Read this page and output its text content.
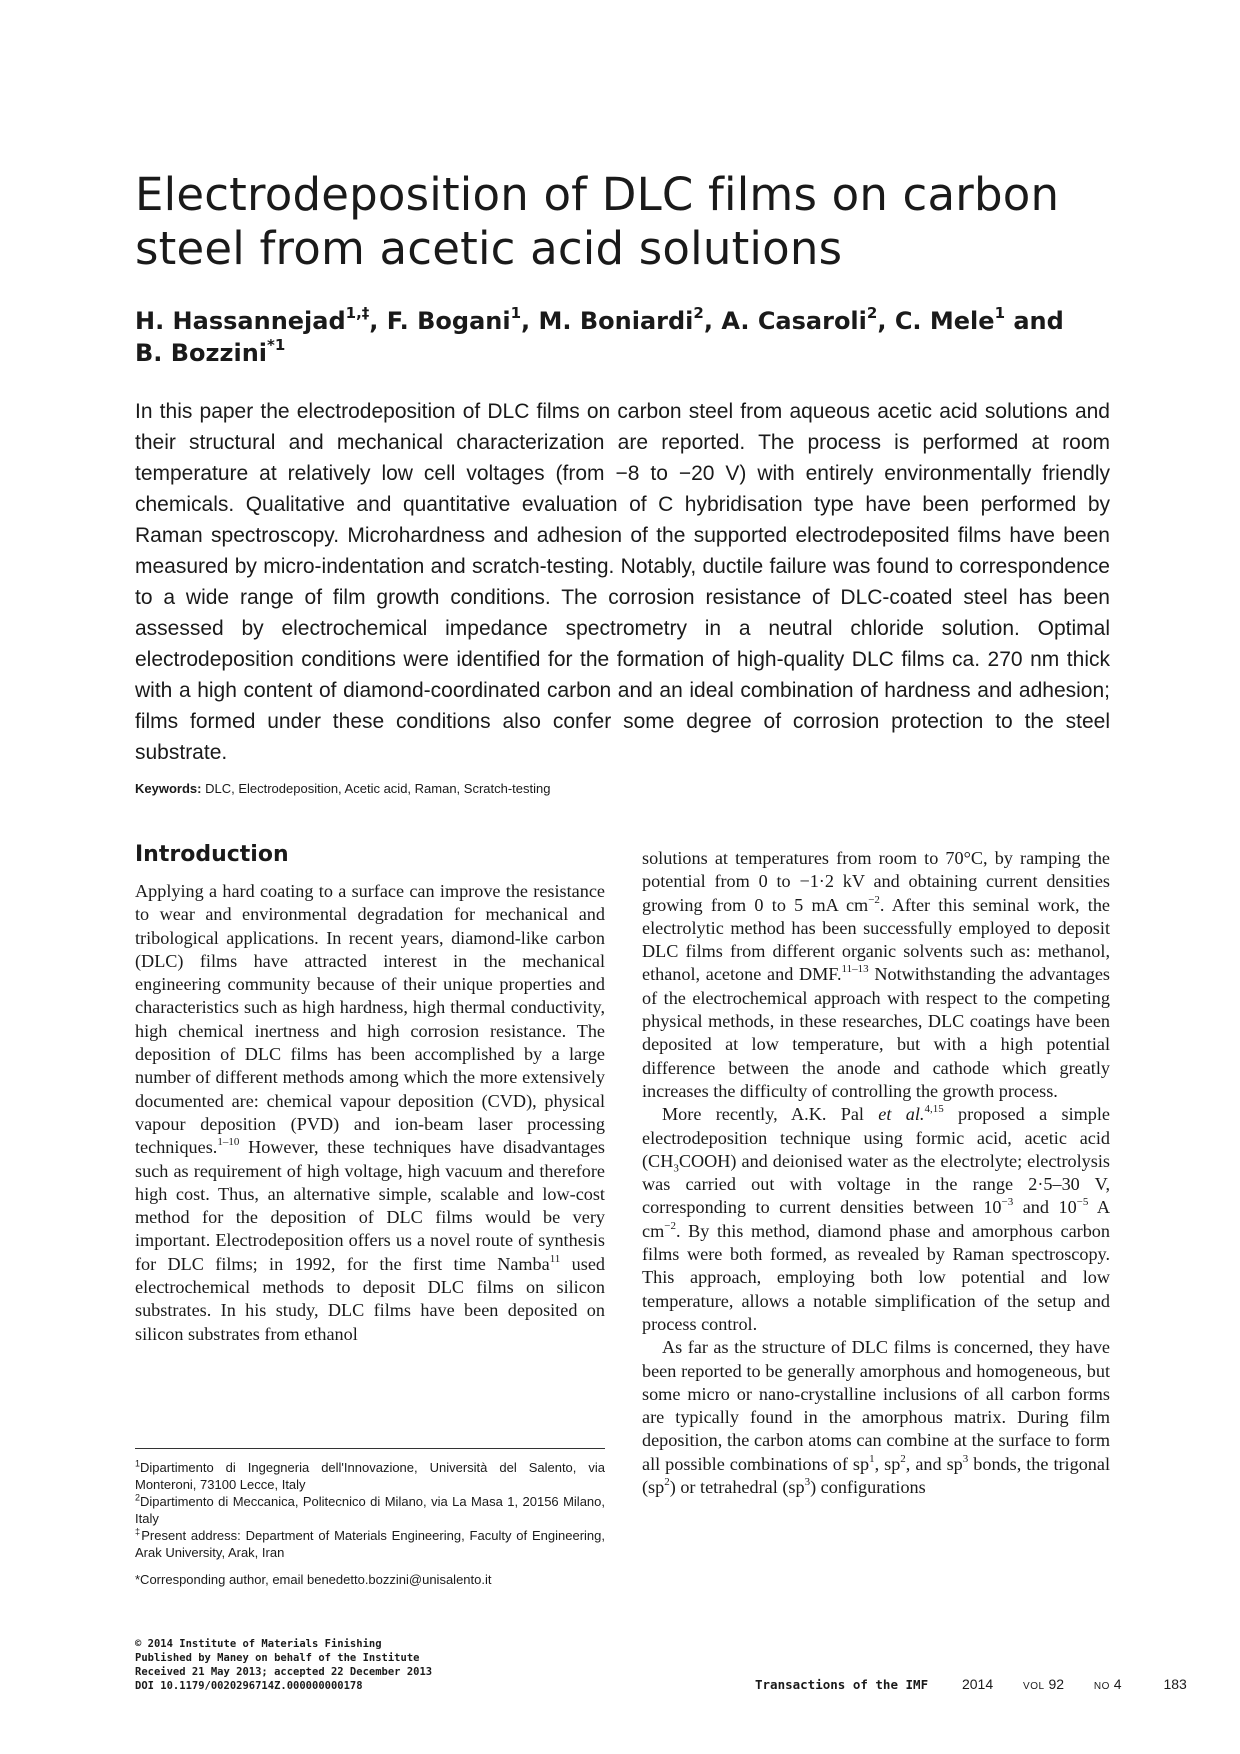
Electrodeposition of DLC films on carbon steel from acetic acid solutions
H. Hassannejad$^{1,\ddagger}$, F. Bogani$^1$, M. Boniardi$^2$, A. Casaroli$^2$, C. Mele$^1$ and
B. Bozzini$^{*1}$

In this paper the electrodeposition of DLC films on carbon steel from aqueous acetic acid solutions and their structural and mechanical characterization are reported. The process is performed at room temperature at relatively low cell voltages (from −8 to −20 V) with entirely environmentally friendly chemicals. Qualitative and quantitative evaluation of C hybridisation type have been performed by Raman spectroscopy. Microhardness and adhesion of the supported electrodeposited films have been measured by micro-indentation and scratch-testing. Notably, ductile failure was found to correspondence to a wide range of film growth conditions. The corrosion resistance of DLC-coated steel has been assessed by electrochemical impedance spectrometry in a neutral chloride solution. Optimal electrodeposition conditions were identified for the formation of high-quality DLC films ca. 270 nm thick with a high content of diamond-coordinated carbon and an ideal combination of hardness and adhesion; films formed under these conditions also confer some degree of corrosion protection to the steel substrate.

Keywords: DLC, Electrodeposition, Acetic acid, Raman, Scratch-testing
Introduction

Applying a hard coating to a surface can improve the resistance to wear and environmental degradation for mechanical and tribological applications. In recent years, diamond-like carbon (DLC) films have attracted interest in the mechanical engineering community because of their unique properties and characteristics such as high hardness, high thermal conductivity, high chemical inertness and high corrosion resistance. The deposition of DLC films has been accomplished by a large number of different methods among which the more extensively documented are: chemical vapour deposition (CVD), physical vapour deposition (PVD) and ion-beam laser processing techniques.$^{1-10}$ However, these techniques have disadvantages such as requirement of high voltage, high vacuum and therefore high cost. Thus, an alternative simple, scalable and low-cost method for the deposition of DLC films would be very important. Electrodeposition offers us a novel route of synthesis for DLC films; in 1992, for the first time Namba$^{11}$ used electrochemical methods to deposit DLC films on silicon substrates. In his study, DLC films have been deposited on silicon substrates from ethanol

solutions at temperatures from room to 70°C, by ramping the potential from 0 to −1·2 kV and obtaining current densities growing from 0 to 5 mA $cm^{-2}$. After this seminal work, the electrolytic method has been successfully employed to deposit DLC films from different organic solvents such as: methanol, ethanol, acetone and DMF.$^{11-13}$ Notwithstanding the advantages of the electrochemical approach with respect to the competing physical methods, in these researches, DLC coatings have been deposited at low temperature, but with a high potential difference between the anode and cathode which greatly increases the difficulty of controlling the growth process.

More recently, A.K. Pal et al.$^{4,15}$ proposed a simple electrodeposition technique using formic acid, acetic acid $(CH_3COOH)$ and deionised water as the electrolyte; electrolysis was carried out with voltage in the range 2·5–30 V, corresponding to current densities between $10^{-3}$ and $10^{-5}$ A $cm^{-2}$. By this method, diamond phase and amorphous carbon films were both formed, as revealed by Raman spectroscopy. This approach, employing both low potential and low temperature, allows a notable simplification of the setup and process control.

As far as the structure of DLC films is concerned, they have been reported to be generally amorphous and homogeneous, but some micro or nano-crystalline inclusions of all carbon forms are typically found in the amorphous matrix. During film deposition, the carbon atoms can combine at the surface to form all possible combinations of $sp^1$, $sp^2$, and $sp^3$ bonds, the trigonal $(sp^2)$ or tetrahedral $(sp^3)$ configurations

$^1$Dipartimento di Ingegneria dell'Innovazione, Università del Salento, via Monteroni, 73100 Lecce, Italy

$^2$Dipartimento di Meccanica, Politecnico di Milano, via La Masa 1, 20156 Milano, Italy

‡Present address: Department of Materials Engineering, Faculty of Engineering, Arak University, Arak, Iran

*Corresponding author, email benedetto.bozzini@unisalento.it

© 2014 Institute of Materials Finishing
Published by Maney on behalf of the Institute
Received 21 May 2013; accepted 22 December 2013
DOI 10.1179/0020296714Z.000000000178	Transactions of the IMF 2014	VOL 92	NO 4	183
